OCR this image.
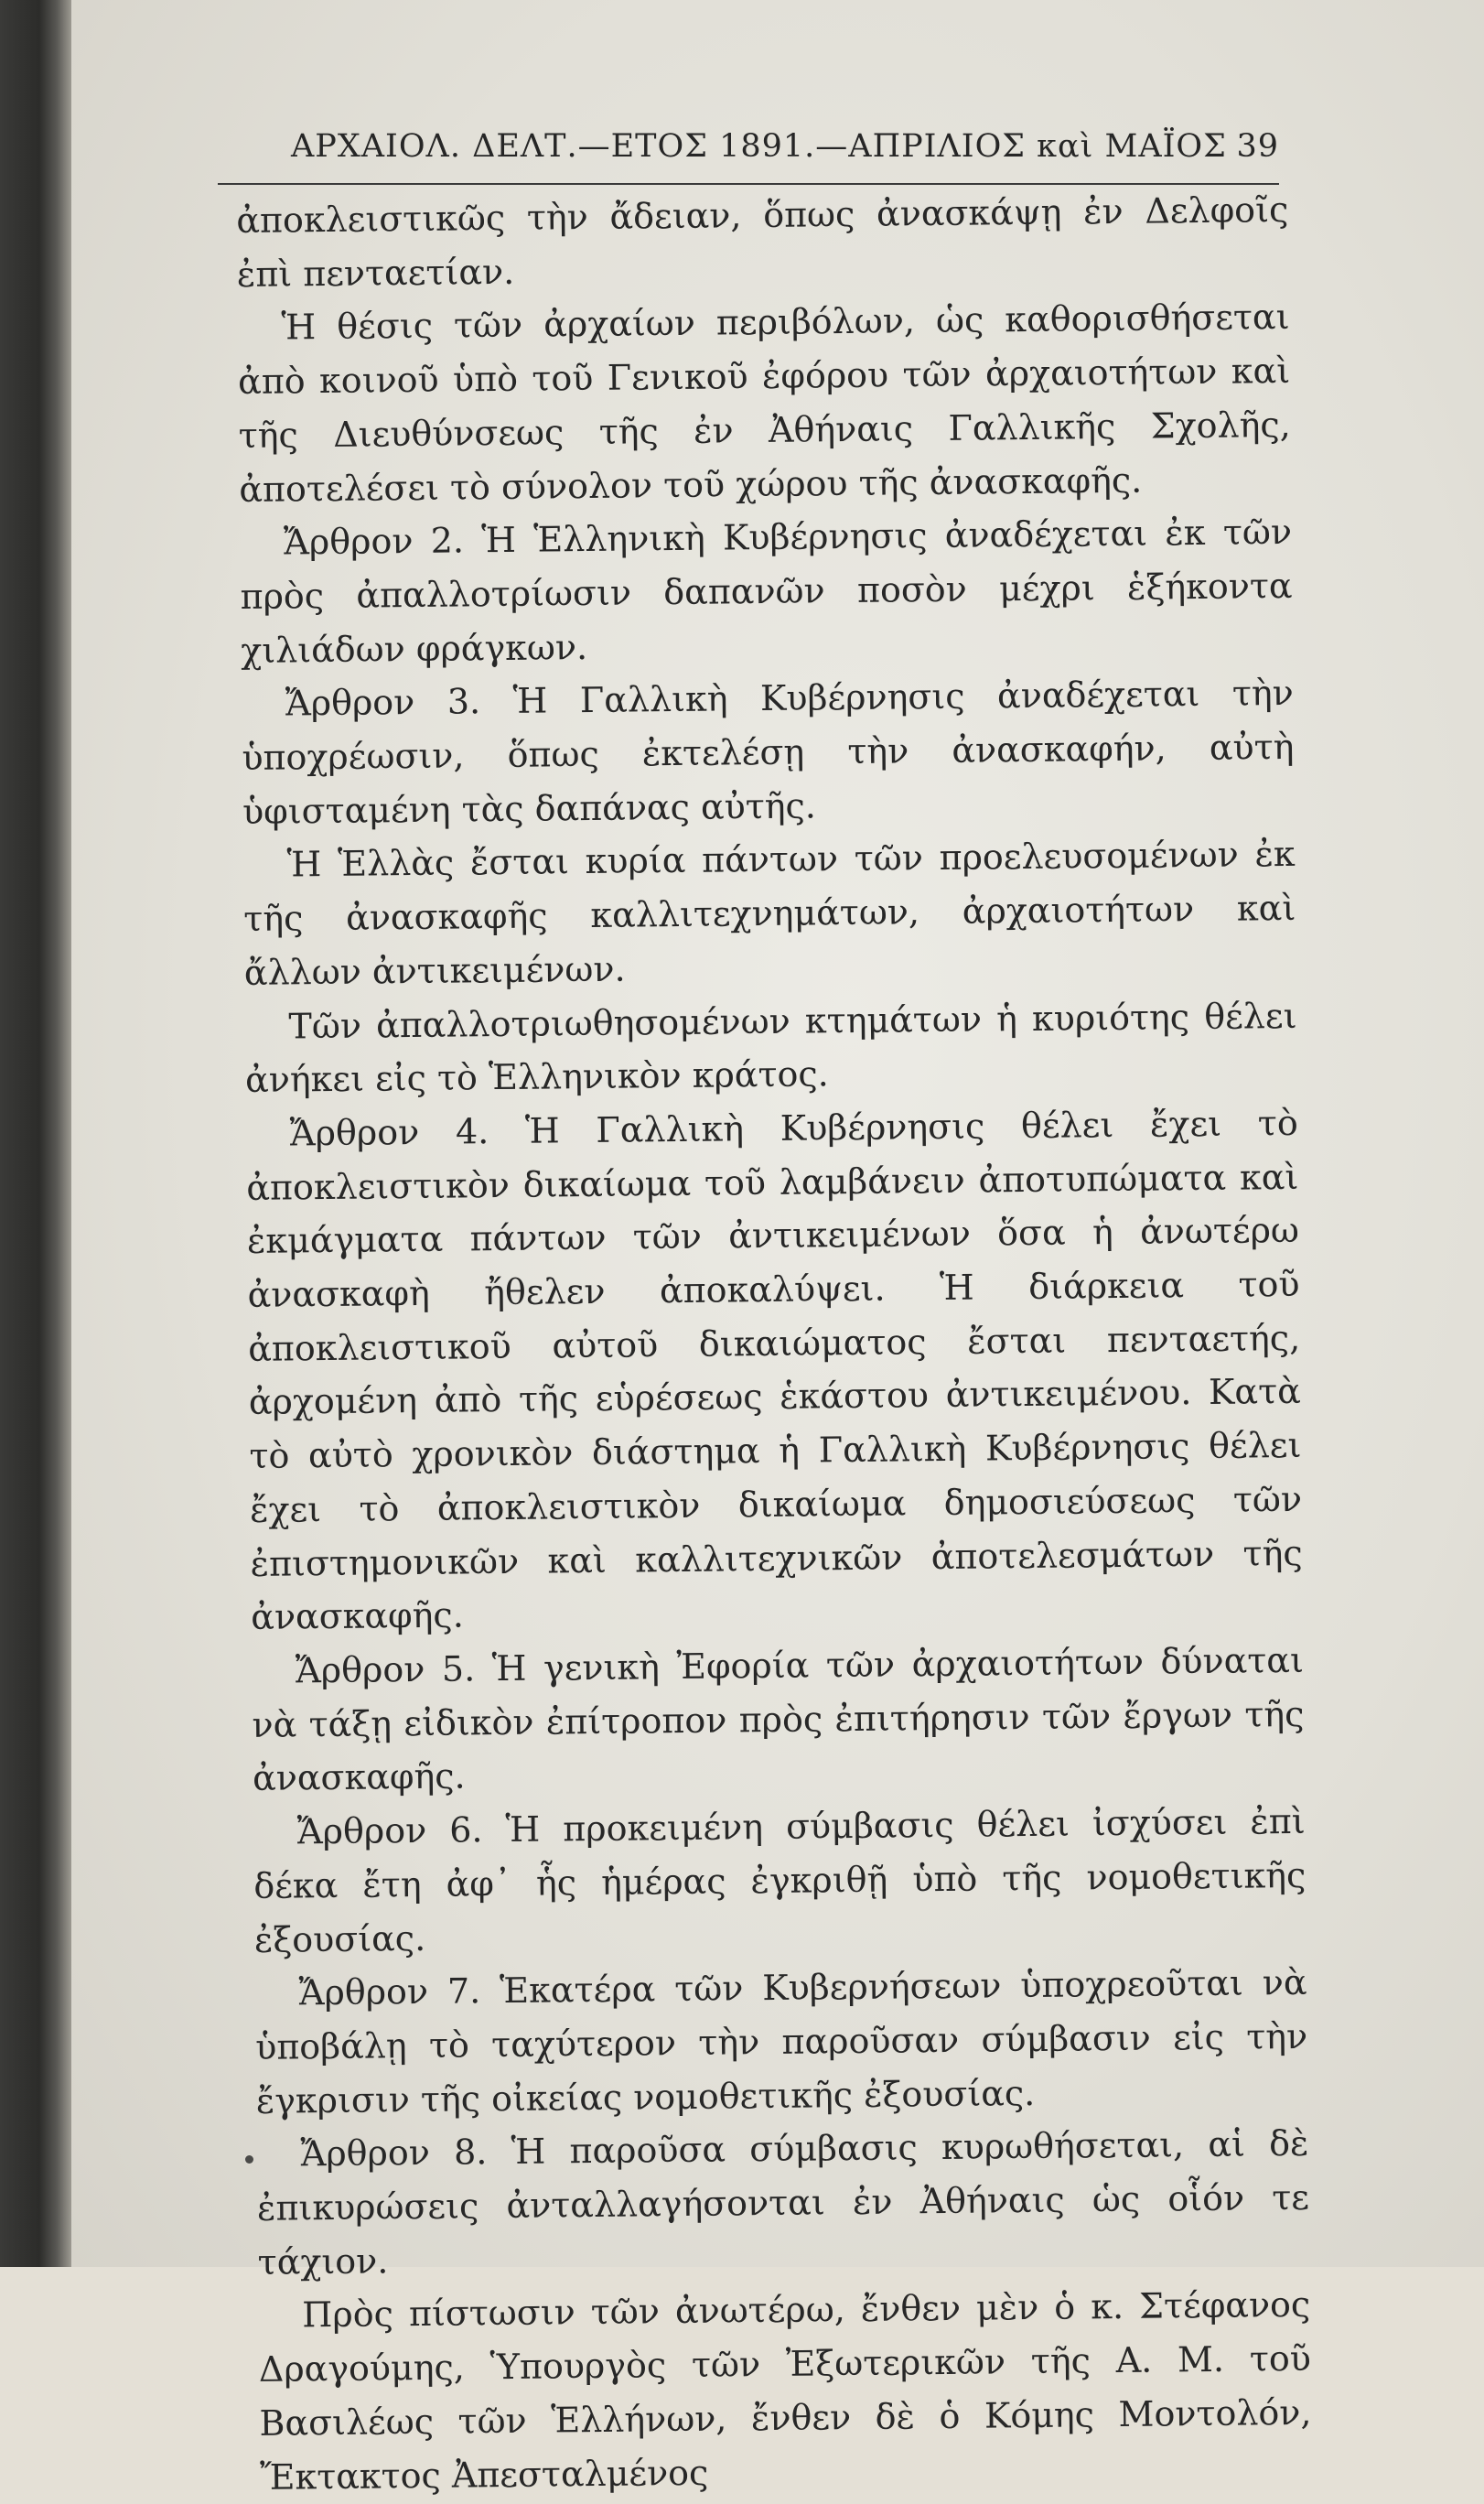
ΑΡΧΑΙΟΛ. ΔΕΛΤ.—ΕΤΟΣ 1891.—ΑΠΡΙΛΙΟΣ καὶ ΜΑΪΟΣ 39

ἀποκλειστικῶς τὴν ἄδειαν, ὅπως ἀνασκάψῃ ἐν Δελφοῖς ἐπὶ πενταετίαν.

Ἡ θέσις τῶν ἀρχαίων περιβόλων, ὡς καθορισθήσεται ἀπὸ κοινοῦ ὑπὸ τοῦ Γενικοῦ ἐφόρου τῶν ἀρχαιοτήτων καὶ τῆς Διευθύνσεως τῆς ἐν Ἀθήναις Γαλλικῆς Σχολῆς, ἀποτελέσει τὸ σύνολον τοῦ χώρου τῆς ἀνασκαφῆς.

Ἄρθρον 2. Ἡ Ἑλληνικὴ Κυβέρνησις ἀναδέχεται ἐκ τῶν πρὸς ἀπαλλοτρίωσιν δαπανῶν ποσὸν μέχρι ἑξήκοντα χιλιάδων φράγκων.

Ἄρθρον 3. Ἡ Γαλλικὴ Κυβέρνησις ἀναδέχεται τὴν ὑποχρέωσιν, ὅπως ἐκτελέσῃ τὴν ἀνασκαφήν, αὐτὴ ὑφισταμένη τὰς δαπάνας αὐτῆς.

Ἡ Ἑλλὰς ἔσται κυρία πάντων τῶν προελευσομένων ἐκ τῆς ἀνασκαφῆς καλλιτεχνημάτων, ἀρχαιοτήτων καὶ ἄλλων ἀντικειμένων.

Τῶν ἀπαλλοτριωθησομένων κτημάτων ἡ κυριότης θέλει ἀνήκει εἰς τὸ Ἑλληνικὸν κράτος.

Ἄρθρον 4. Ἡ Γαλλικὴ Κυβέρνησις θέλει ἔχει τὸ ἀποκλειστικὸν δικαίωμα τοῦ λαμβάνειν ἀποτυπώματα καὶ ἐκμάγματα πάντων τῶν ἀντικειμένων ὅσα ἡ ἀνωτέρω ἀνασκαφὴ ἤθελεν ἀποκαλύψει. Ἡ διάρκεια τοῦ ἀποκλειστικοῦ αὐτοῦ δικαιώματος ἔσται πενταετής, ἀρχομένη ἀπὸ τῆς εὑρέσεως ἑκάστου ἀντικειμένου. Κατὰ τὸ αὐτὸ χρονικὸν διάστημα ἡ Γαλλικὴ Κυβέρνησις θέλει ἔχει τὸ ἀποκλειστικὸν δικαίωμα δημοσιεύσεως τῶν ἐπιστημονικῶν καὶ καλλιτεχνικῶν ἀποτελεσμάτων τῆς ἀνασκαφῆς.

Ἄρθρον 5. Ἡ γενικὴ Ἐφορία τῶν ἀρχαιοτήτων δύναται νὰ τάξῃ εἰδικὸν ἐπίτροπον πρὸς ἐπιτήρησιν τῶν ἔργων τῆς ἀνασκαφῆς.

Ἄρθρον 6. Ἡ προκειμένη σύμβασις θέλει ἰσχύσει ἐπὶ δέκα ἔτη ἀφ᾽ ἧς ἡμέρας ἐγκριθῇ ὑπὸ τῆς νομοθετικῆς ἐξουσίας.

Ἄρθρον 7. Ἑκατέρα τῶν Κυβερνήσεων ὑποχρεοῦται νὰ ὑποβάλῃ τὸ ταχύτερον τὴν παροῦσαν σύμβασιν εἰς τὴν ἔγκρισιν τῆς οἰκείας νομοθετικῆς ἐξουσίας.

Ἄρθρον 8. Ἡ παροῦσα σύμβασις κυρωθήσεται, αἱ δὲ ἐπικυρώσεις ἀνταλλαγήσονται ἐν Ἀθήναις ὡς οἷόν τε τάχιον.

Πρὸς πίστωσιν τῶν ἀνωτέρω, ἔνθεν μὲν ὁ κ. Στέφανος Δραγούμης, Ὑπουργὸς τῶν Ἐξωτερικῶν τῆς Α. Μ. τοῦ Βασιλέως τῶν Ἑλλήνων, ἔνθεν δὲ ὁ Κόμης Μοντολόν, Ἔκτακτος Ἀπεσταλμένος
